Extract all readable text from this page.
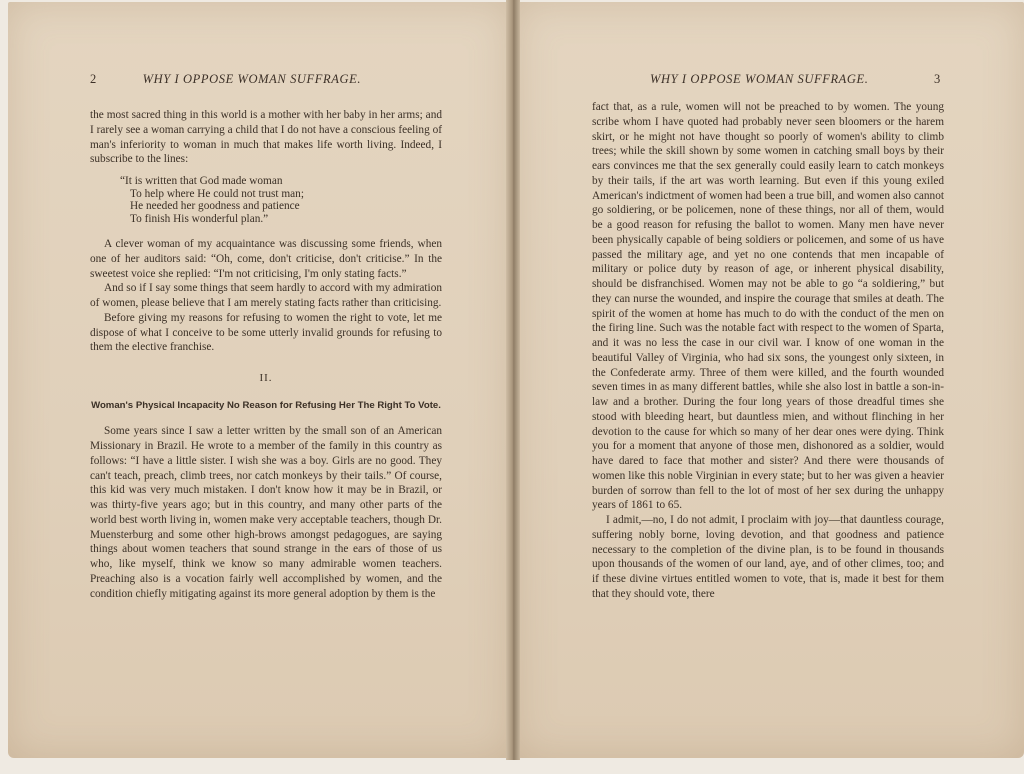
2	WHY I OPPOSE WOMAN SUFFRAGE.

the most sacred thing in this world is a mother with her baby in her arms; and I rarely see a woman carrying a child that I do not have a conscious feeling of man's inferiority to woman in much that makes life worth living. Indeed, I subscribe to the lines:

“It is written that God made woman
To help where He could not trust man;
He needed her goodness and patience
To finish His wonderful plan.”

A clever woman of my acquaintance was discussing some friends, when one of her auditors said: “Oh, come, don't criticise, don't criticise.” In the sweetest voice she replied: “I'm not criticising, I'm only stating facts.”

And so if I say some things that seem hardly to accord with my admiration of women, please believe that I am merely stating facts rather than criticising.

Before giving my reasons for refusing to women the right to vote, let me dispose of what I conceive to be some utterly invalid grounds for refusing to them the elective franchise.

II.
Woman's Physical Incapacity No Reason for Refusing Her The Right To Vote.

Some years since I saw a letter written by the small son of an American Missionary in Brazil. He wrote to a member of the family in this country as follows: “I have a little sister. I wish she was a boy. Girls are no good. They can't teach, preach, climb trees, nor catch monkeys by their tails.” Of course, this kid was very much mistaken. I don't know how it may be in Brazil, or was thirty-five years ago; but in this country, and many other parts of the world best worth living in, women make very acceptable teachers, though Dr. Muensterburg and some other high-brows amongst pedagogues, are saying things about women teachers that sound strange in the ears of those of us who, like myself, think we know so many admirable women teachers. Preaching also is a vocation fairly well accomplished by women, and the condition chiefly mitigating against its more general adoption by them is the

WHY I OPPOSE WOMAN SUFFRAGE.	3

fact that, as a rule, women will not be preached to by women. The young scribe whom I have quoted had probably never seen bloomers or the harem skirt, or he might not have thought so poorly of women's ability to climb trees; while the skill shown by some women in catching small boys by their ears convinces me that the sex generally could easily learn to catch monkeys by their tails, if the art was worth learning. But even if this young exiled American's indictment of women had been a true bill, and women also cannot go soldiering, or be policemen, none of these things, nor all of them, would be a good reason for refusing the ballot to women. Many men have never been physically capable of being soldiers or policemen, and some of us have passed the military age, and yet no one contends that men incapable of military or police duty by reason of age, or inherent physical disability, should be disfranchised. Women may not be able to go “a soldiering,” but they can nurse the wounded, and inspire the courage that smiles at death. The spirit of the women at home has much to do with the conduct of the men on the firing line. Such was the notable fact with respect to the women of Sparta, and it was no less the case in our civil war. I know of one woman in the beautiful Valley of Virginia, who had six sons, the youngest only sixteen, in the Confederate army. Three of them were killed, and the fourth wounded seven times in as many different battles, while she also lost in battle a son-in-law and a brother. During the four long years of those dreadful times she stood with bleeding heart, but dauntless mien, and without flinching in her devotion to the cause for which so many of her dear ones were dying. Think you for a moment that anyone of those men, dishonored as a soldier, would have dared to face that mother and sister? And there were thousands of women like this noble Virginian in every state; but to her was given a heavier burden of sorrow than fell to the lot of most of her sex during the unhappy years of 1861 to 65.

I admit,—no, I do not admit, I proclaim with joy—that dauntless courage, suffering nobly borne, loving devotion, and that goodness and patience necessary to the completion of the divine plan, is to be found in thousands upon thousands of the women of our land, aye, and of other climes, too; and if these divine virtues entitled women to vote, that is, made it best for them that they should vote, there
